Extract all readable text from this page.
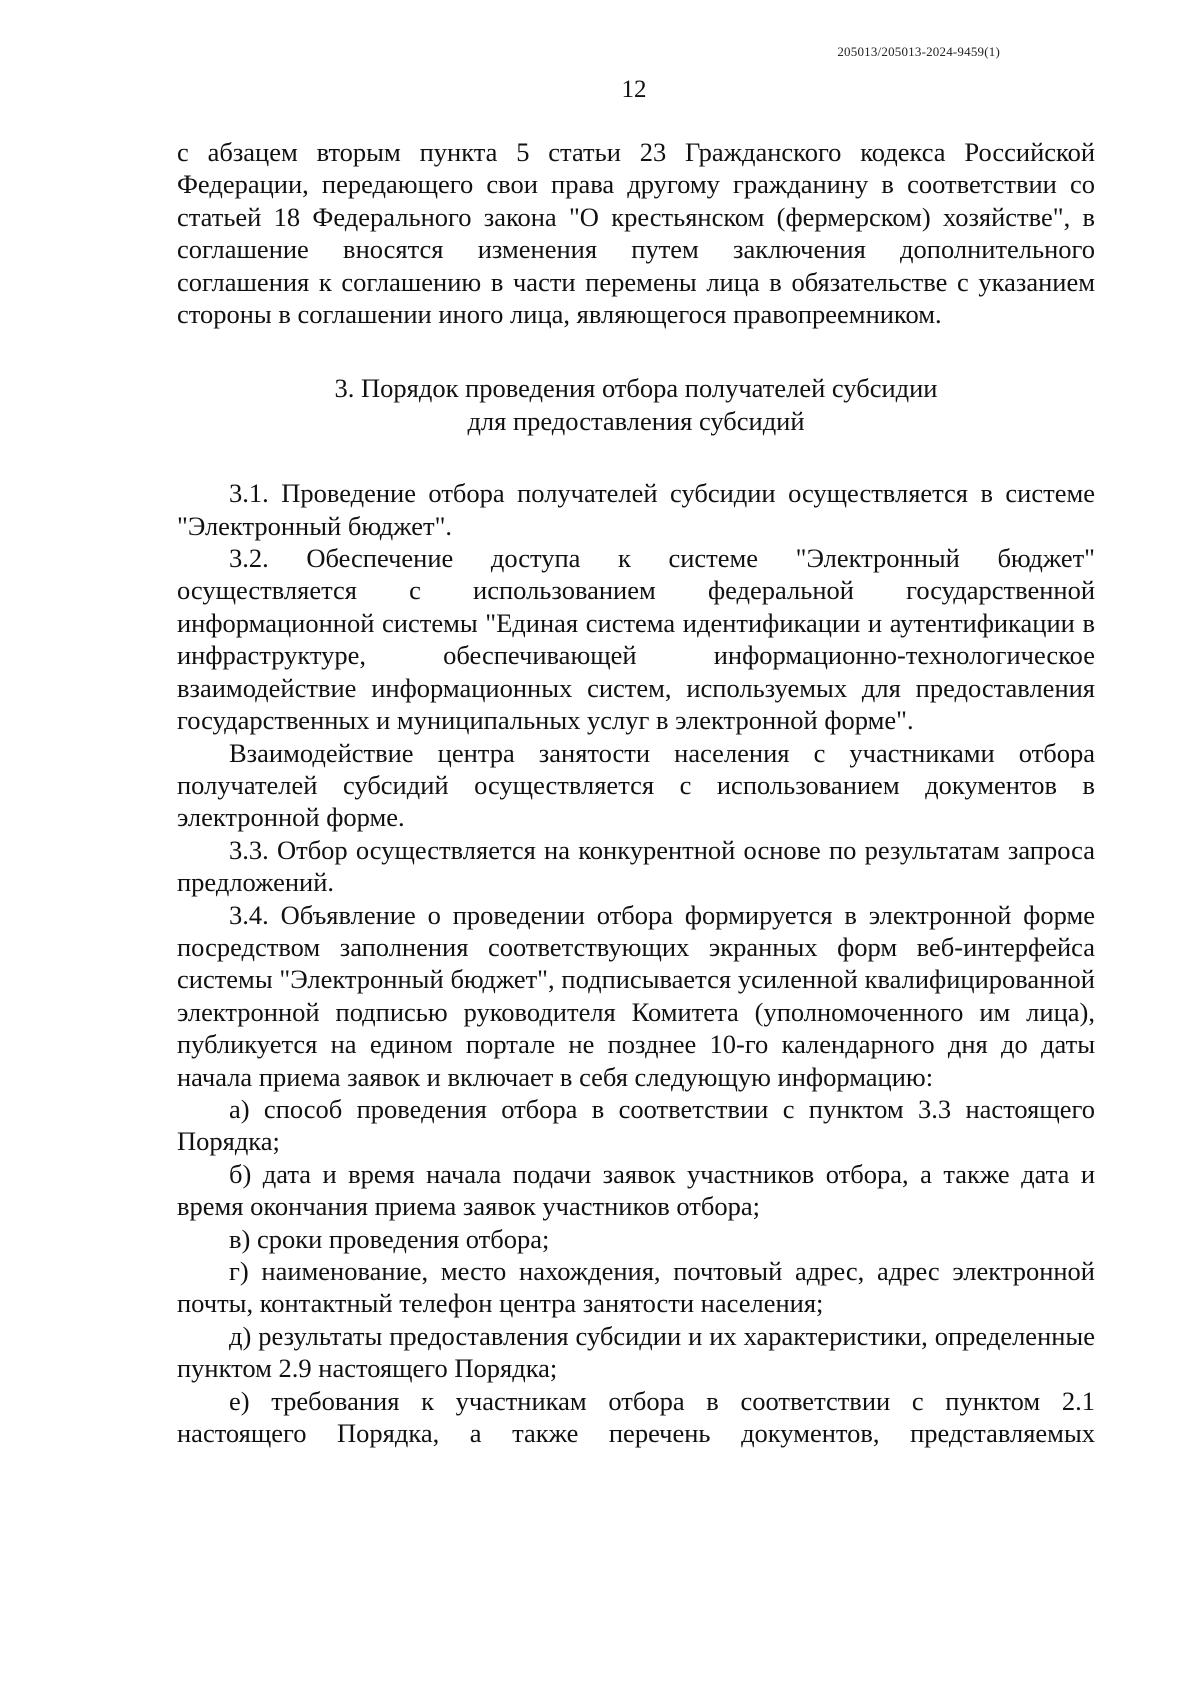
205013/205013-2024-9459(1)
12

с абзацем вторым пункта 5 статьи 23 Гражданского кодекса Российской Федерации, передающего свои права другому гражданину в соответствии со статьей 18 Федерального закона "О крестьянском (фермерском) хозяйстве", в соглашение вносятся изменения путем заключения дополнительного соглашения к соглашению в части перемены лица в обязательстве с указанием стороны в соглашении иного лица, являющегося правопреемником.

3. Порядок проведения отбора получателей субсидии
для предоставления субсидий

3.1. Проведение отбора получателей субсидии осуществляется в системе "Электронный бюджет".

3.2. Обеспечение доступа к системе "Электронный бюджет" осуществляется с использованием федеральной государственной информационной системы "Единая система идентификации и аутентификации в инфраструктуре, обеспечивающей информационно-технологическое взаимодействие информационных систем, используемых для предоставления государственных и муниципальных услуг в электронной форме".

Взаимодействие центра занятости населения с участниками отбора получателей субсидий осуществляется с использованием документов в электронной форме.

3.3. Отбор осуществляется на конкурентной основе по результатам запроса предложений.

3.4. Объявление о проведении отбора формируется в электронной форме посредством заполнения соответствующих экранных форм веб-интерфейса системы "Электронный бюджет", подписывается усиленной квалифицированной электронной подписью руководителя Комитета (уполномоченного им лица), публикуется на едином портале не позднее 10-го календарного дня до даты начала приема заявок и включает в себя следующую информацию:

а) способ проведения отбора в соответствии с пунктом 3.3 настоящего Порядка;

б) дата и время начала подачи заявок участников отбора, а также дата и время окончания приема заявок участников отбора;

в) сроки проведения отбора;

г) наименование, место нахождения, почтовый адрес, адрес электронной почты, контактный телефон центра занятости населения;

д) результаты предоставления субсидии и их характеристики, определенные пунктом 2.9 настоящего Порядка;

е) требования к участникам отбора в соответствии с пунктом 2.1 настоящего Порядка, а также перечень документов, представляемых
